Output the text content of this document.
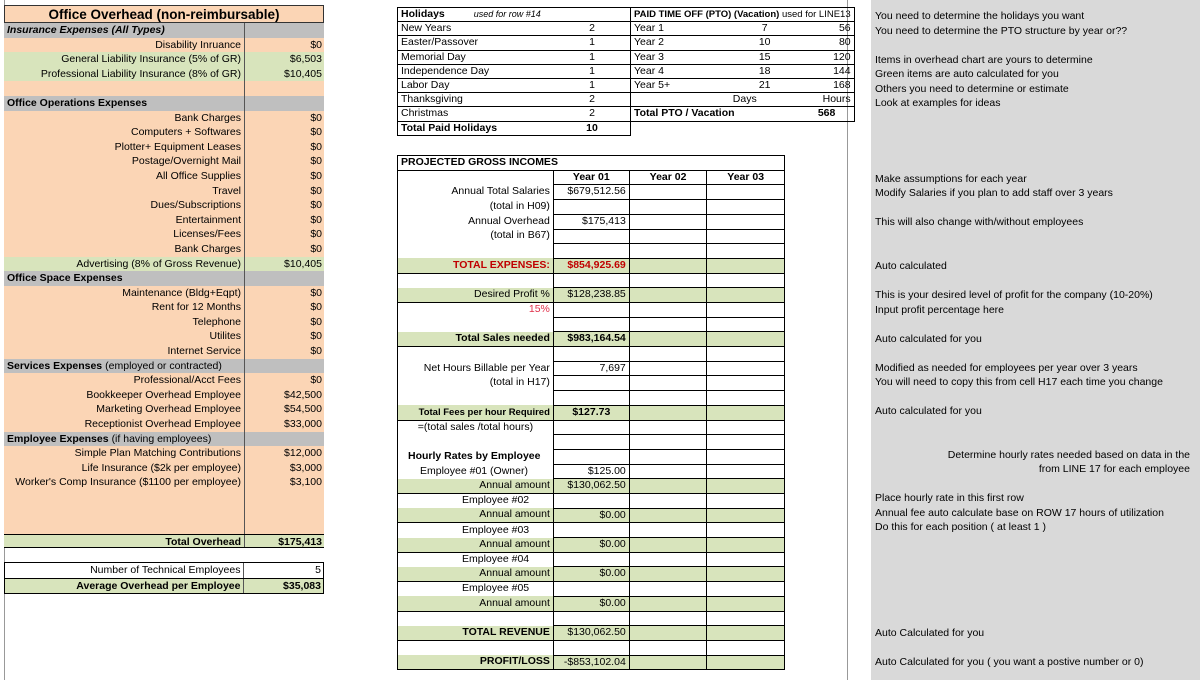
Office Overhead (non-reimbursable)
Insurance Expenses (All Types)
Disability Inruance	$0
General Liability Insurance (5% of GR)	$6,503
Professional Liability Insurance (8% of GR)	$10,405
Office Operations Expenses
Bank Charges	$0
Computers + Softwares	$0
Plotter+ Equipment Leases	$0
Postage/Overnight Mail	$0
All Office Supplies	$0
Travel	$0
Dues/Subscriptions	$0
Entertainment	$0
Licenses/Fees	$0
Bank Charges	$0
Advertising (8% of Gross Revenue)	$10,405
Office Space Expenses
Maintenance (Bldg+Eqpt)	$0
Rent for 12 Months	$0
Telephone	$0
Utilites	$0
Internet Service	$0
Services Expenses (employed or contracted)
Professional/Acct Fees	$0
Bookkeeper Overhead Employee	$42,500
Marketing Overhead Employee	$54,500
Receptionist Overhead Employee	$33,000
Employee Expenses (if having employees)
Simple Plan Matching Contributions	$12,000
Life Insurance ($2k per employee)	$3,000
Worker's Comp Insurance ($1100 per employee)	$3,100
Total Overhead	$175,413
Number of Technical Employees	5
Average Overhead per Employee	$35,083
Holidays used for row #14	
New Years	2
Easter/Passover	1
Memorial Day	1
Independence Day	1
Labor Day	1
Thanksgiving	2
Christmas	2
Total Paid Holidays	10
PAID TIME OFF (PTO) (Vacation) used for LINE13		
Year 1	7	56
Year 2	10	80
Year 3	15	120
Year 4	18	144
Year 5+	21	168
	Days	Hours
Total PTO / Vacation		568
PROJECTED GROSS INCOMES			
	Year 01	Year 02	Year 03
Annual Total Salaries	$679,512.56		
(total in H09)			
Annual Overhead	$175,413		
(total in B67)			

TOTAL EXPENSES:	$854,925.69		

Desired Profit %	$128,238.85		
15%			

Total Sales needed	$983,164.54		

Net Hours Billable per Year	7,697		
(total in H17)			

Total Fees per hour Required	$127.73		
=(total sales /total hours)			

Hourly Rates by Employee			
Employee #01 (Owner)	$125.00		
Annual amount	$130,062.50		
Employee #02			
Annual amount	$0.00		
Employee #03			
Annual amount	$0.00		
Employee #04			
Annual amount	$0.00		
Employee #05			
Annual amount	$0.00		

TOTAL REVENUE	$130,062.50		

PROFIT/LOSS	-$853,102.04		
You need to determine the holidays you want
You need to determine the PTO structure by year or??
Items in overhead chart are yours to determine
Green items are auto calculated for you
Others you need to determine or estimate
Look at examples for ideas
Make assumptions for each year
Modify Salaries if you plan to add staff over 3 years
This will also change with/without employees
Auto calculated
This is your desired level of profit for the company (10-20%)
Input profit percentage here
Auto calculated for you
Modified as needed for employees per year over 3 years
You will need to copy this from cell H17 each time you change
Auto calculated for you
Determine hourly rates needed based on data in the
from LINE 17 for each employee
Place hourly rate in this first row
Annual fee auto calculate base on ROW 17 hours of utilization
Do this for each position ( at least 1 )
Auto Calculated for you
Auto Calculated for you ( you want a postive number or 0)
